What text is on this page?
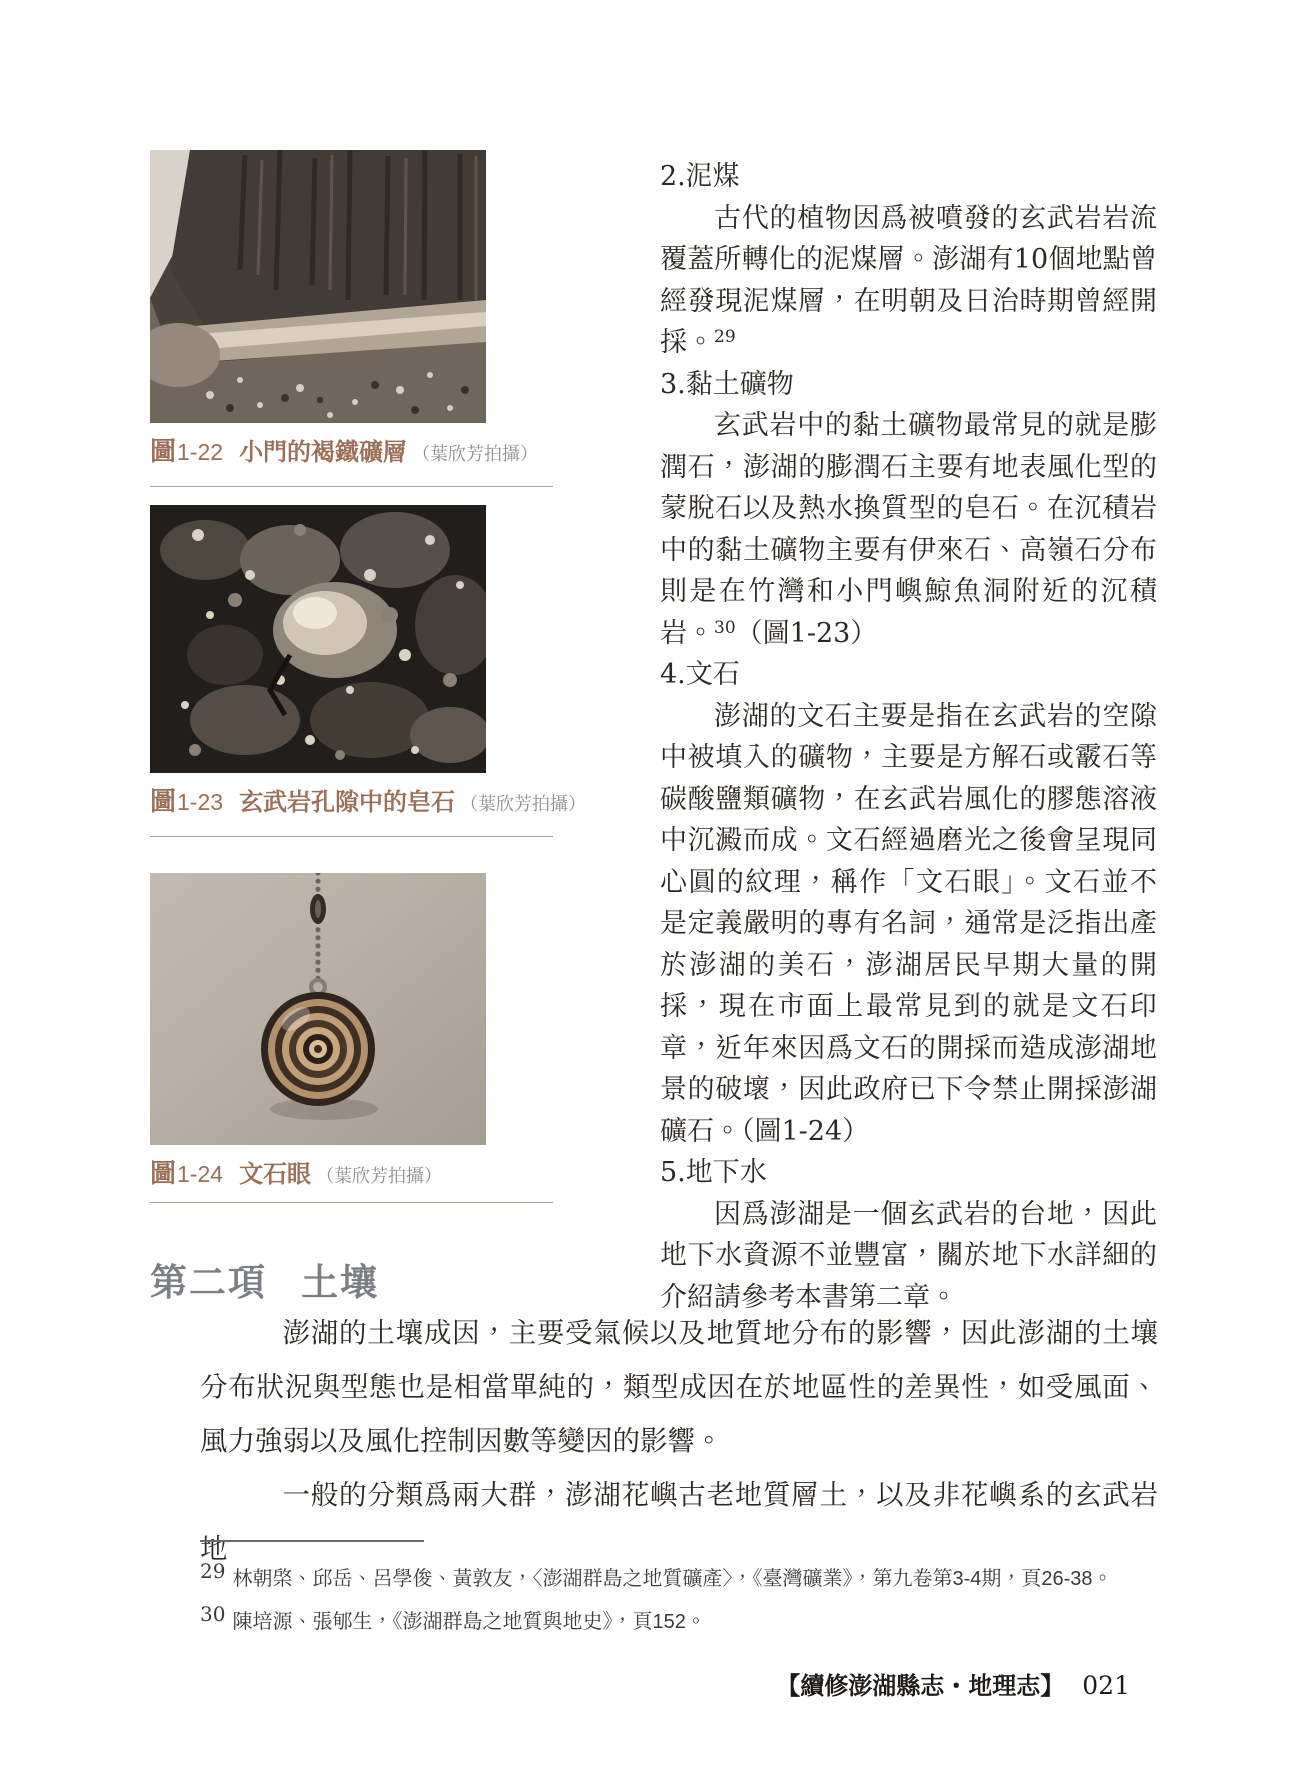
圖1-22 小門的褐鐵礦層 （葉欣芳拍攝）
圖1-23 玄武岩孔隙中的皂石 （葉欣芳拍攝）
圖1-24 文石眼 （葉欣芳拍攝）
2.泥煤

古代的植物因爲被噴發的玄武岩岩流覆蓋所轉化的泥煤層。澎湖有10個地點曾經發現泥煤層，在明朝及日治時期曾經開採。$^{29}$

3.黏土礦物

玄武岩中的黏土礦物最常見的就是膨潤石，澎湖的膨潤石主要有地表風化型的蒙脫石以及熱水換質型的皂石。在沉積岩中的黏土礦物主要有伊來石、高嶺石分布則是在竹灣和小門嶼鯨魚洞附近的沉積岩。$^{30}$（圖1-23）

4.文石

澎湖的文石主要是指在玄武岩的空隙中被填入的礦物，主要是方解石或霰石等碳酸鹽類礦物，在玄武岩風化的膠態溶液中沉澱而成。文石經過磨光之後會呈現同心圓的紋理，稱作「文石眼」。文石並不是定義嚴明的專有名詞，通常是泛指出產於澎湖的美石，澎湖居民早期大量的開採，現在市面上最常見到的就是文石印章，近年來因爲文石的開採而造成澎湖地景的破壞，因此政府已下令禁止開採澎湖礦石。（圖1-24）

5.地下水

因爲澎湖是一個玄武岩的台地，因此地下水資源不並豐富，關於地下水詳細的介紹請參考本書第二章。

第二項 土壤

澎湖的土壤成因，主要受氣候以及地質地分布的影響，因此澎湖的土壤分布狀況與型態也是相當單純的，類型成因在於地區性的差異性，如受風面、風力強弱以及風化控制因數等變因的影響。

一般的分類爲兩大群，澎湖花嶼古老地質層土，以及非花嶼系的玄武岩地

29 林朝棨、邱岳、呂學俊、黃敦友，〈澎湖群島之地質礦產〉，《臺灣礦業》，第九卷第3-4期，頁26-38。
30 陳培源、張郇生，《澎湖群島之地質與地史》，頁152。
【續修澎湖縣志・地理志】 021
